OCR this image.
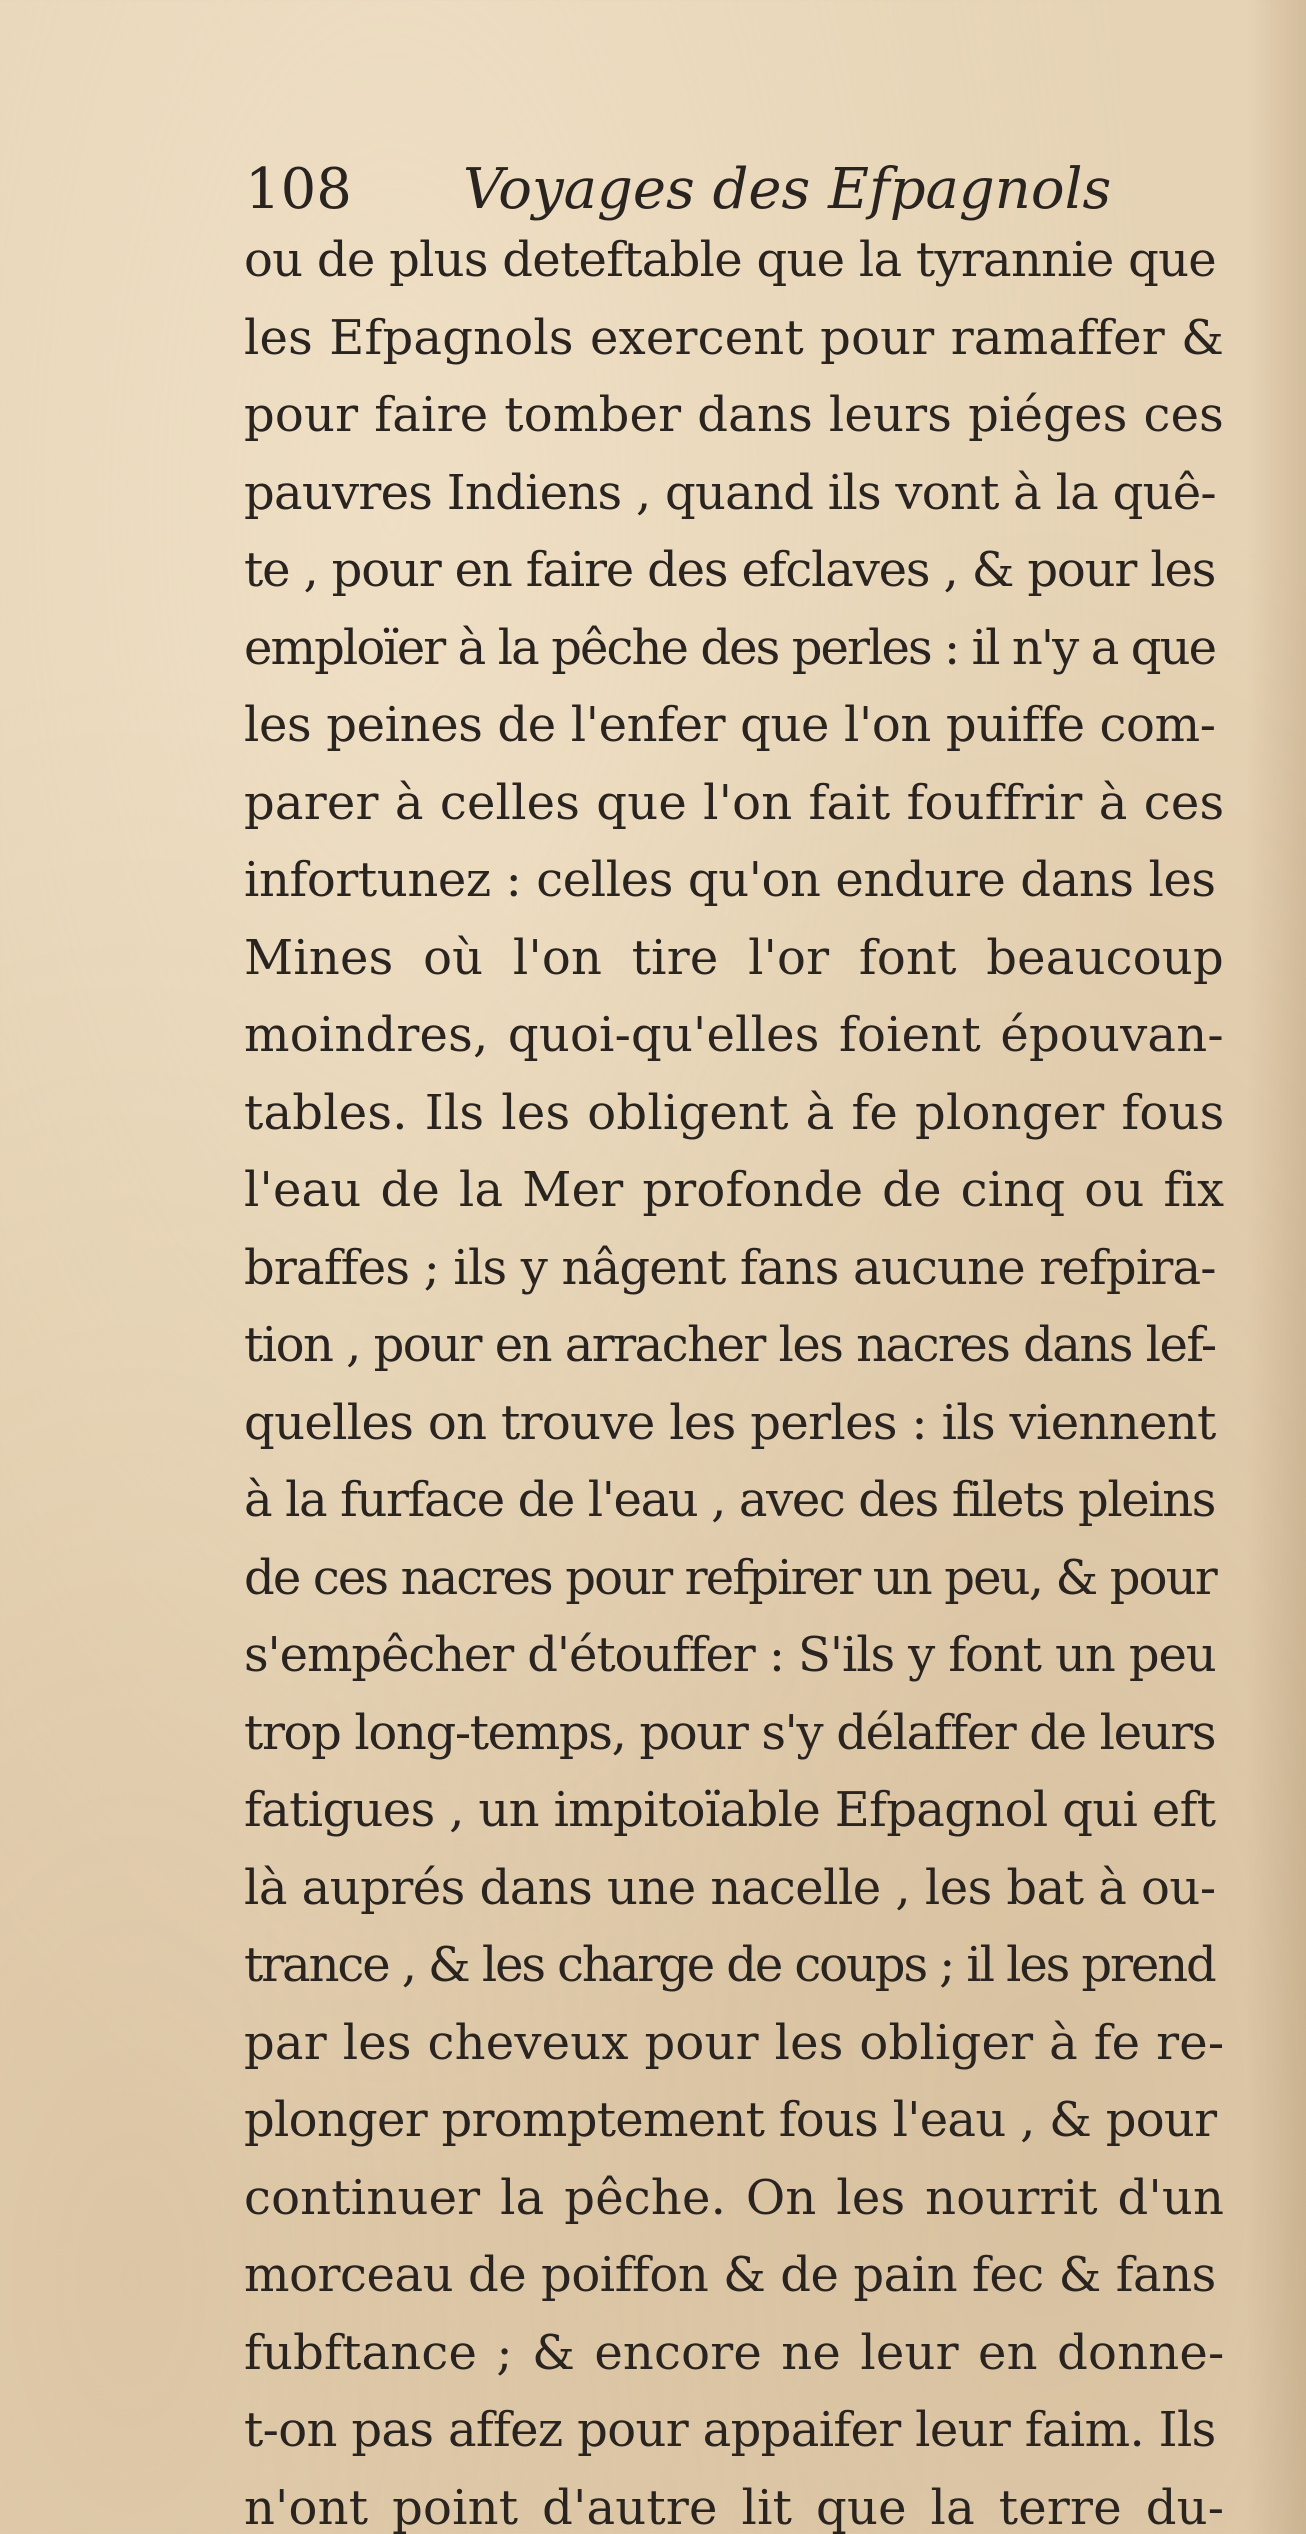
108 Voyages des Efpagnols
ou de plus deteftable que la tyrannie que
les Efpagnols exercent pour ramaffer &
pour faire tomber dans leurs piéges ces
pauvres Indiens , quand ils vont à la quê-
te , pour en faire des efclaves , & pour les
emploïer à la pêche des perles : il n'y a que
les peines de l'enfer que l'on puiffe com-
parer à celles que l'on fait fouffrir à ces
infortunez : celles qu'on endure dans les
Mines où l'on tire l'or font beaucoup
moindres, quoi-qu'elles foient épouvan-
tables. Ils les obligent à fe plonger fous
l'eau de la Mer profonde de cinq ou fix
braffes ; ils y nâgent fans aucune refpira-
tion , pour en arracher les nacres dans lef-
quelles on trouve les perles : ils viennent
à la furface de l'eau , avec des filets pleins
de ces nacres pour refpirer un peu, & pour
s'empêcher d'étouffer : S'ils y font un peu
trop long-temps, pour s'y délaffer de leurs
fatigues , un impitoïable Efpagnol qui eft
là auprés dans une nacelle , les bat à ou-
trance , & les charge de coups ; il les prend
par les cheveux pour les obliger à fe re-
plonger promptement fous l'eau , & pour
continuer la pêche. On les nourrit d'un
morceau de poiffon & de pain fec & fans
fubftance ; & encore ne leur en donne-
t-on pas affez pour appaifer leur faim. Ils
n'ont point d'autre lit que la terre du-
